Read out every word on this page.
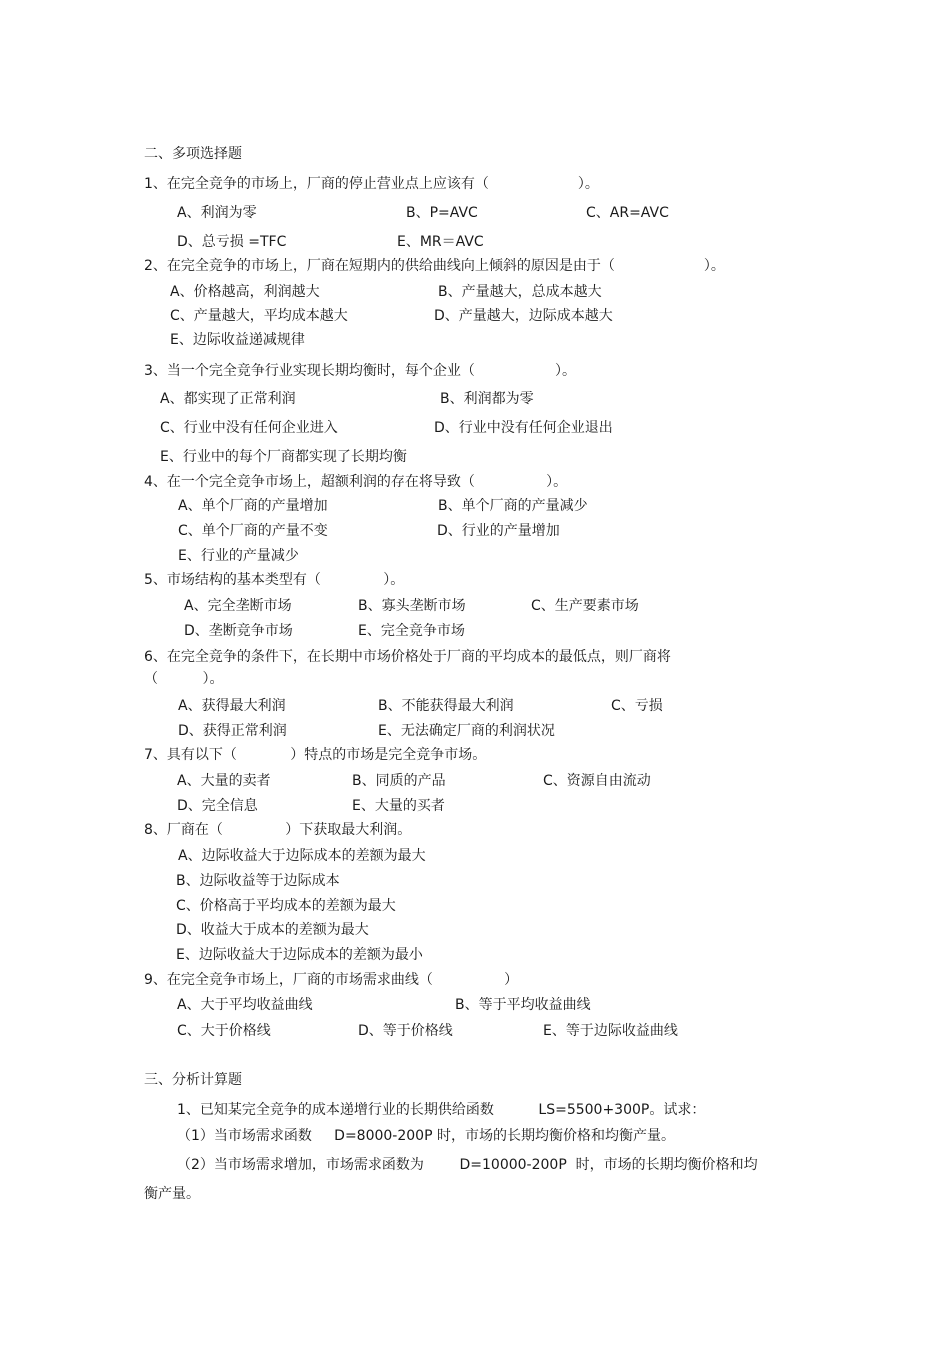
二、多项选择题
1、在完全竞争的市场上，厂商的停止营业点上应该有（                    ）。
A、利润为零	B、P=AVC	C、AR=AVC
D、总亏损 =TFC	E、MR＝AVC
2、在完全竞争的市场上，厂商在短期内的供给曲线向上倾斜的原因是由于（                    ）。
A、价格越高，利润越大	B、产量越大，总成本越大
C、产量越大，平均成本越大	D、产量越大，边际成本越大
E、边际收益递减规律
3、当一个完全竞争行业实现长期均衡时，每个企业（                  ）。
A、都实现了正常利润	B、利润都为零
C、行业中没有任何企业进入	D、行业中没有任何企业退出
E、行业中的每个厂商都实现了长期均衡
4、在一个完全竞争市场上，超额利润的存在将导致（                ）。
A、单个厂商的产量增加	B、单个厂商的产量减少
C、单个厂商的产量不变	D、行业的产量增加
E、行业的产量减少
5、市场结构的基本类型有（              ）。
A、完全垄断市场	B、寡头垄断市场	C、生产要素市场
D、垄断竞争市场	E、完全竞争市场
6、在完全竞争的条件下，在长期中市场价格处于厂商的平均成本的最低点，则厂商将
（          ）。
A、获得最大利润	B、不能获得最大利润	C、亏损
D、获得正常利润	E、无法确定厂商的利润状况
7、具有以下（            ）特点的市场是完全竞争市场。
A、大量的卖者	B、同质的产品	C、资源自由流动
D、完全信息	E、大量的买者
8、厂商在（              ）下获取最大利润。
A、边际收益大于边际成本的差额为最大
B、边际收益等于边际成本
C、价格高于平均成本的差额为最大
D、收益大于成本的差额为最大
E、边际收益大于边际成本的差额为最小
9、在完全竞争市场上，厂商的市场需求曲线（                ）
A、大于平均收益曲线	B、等于平均收益曲线
C、大于价格线	D、等于价格线	E、等于边际收益曲线
三、分析计算题
1、已知某完全竞争的成本递增行业的长期供给函数          LS=5500+300P。试求：
（1）当市场需求函数     D=8000-200P 时，市场的长期均衡价格和均衡产量。
（2）当市场需求增加，市场需求函数为        D=10000-200P  时，市场的长期均衡价格和均
衡产量。
